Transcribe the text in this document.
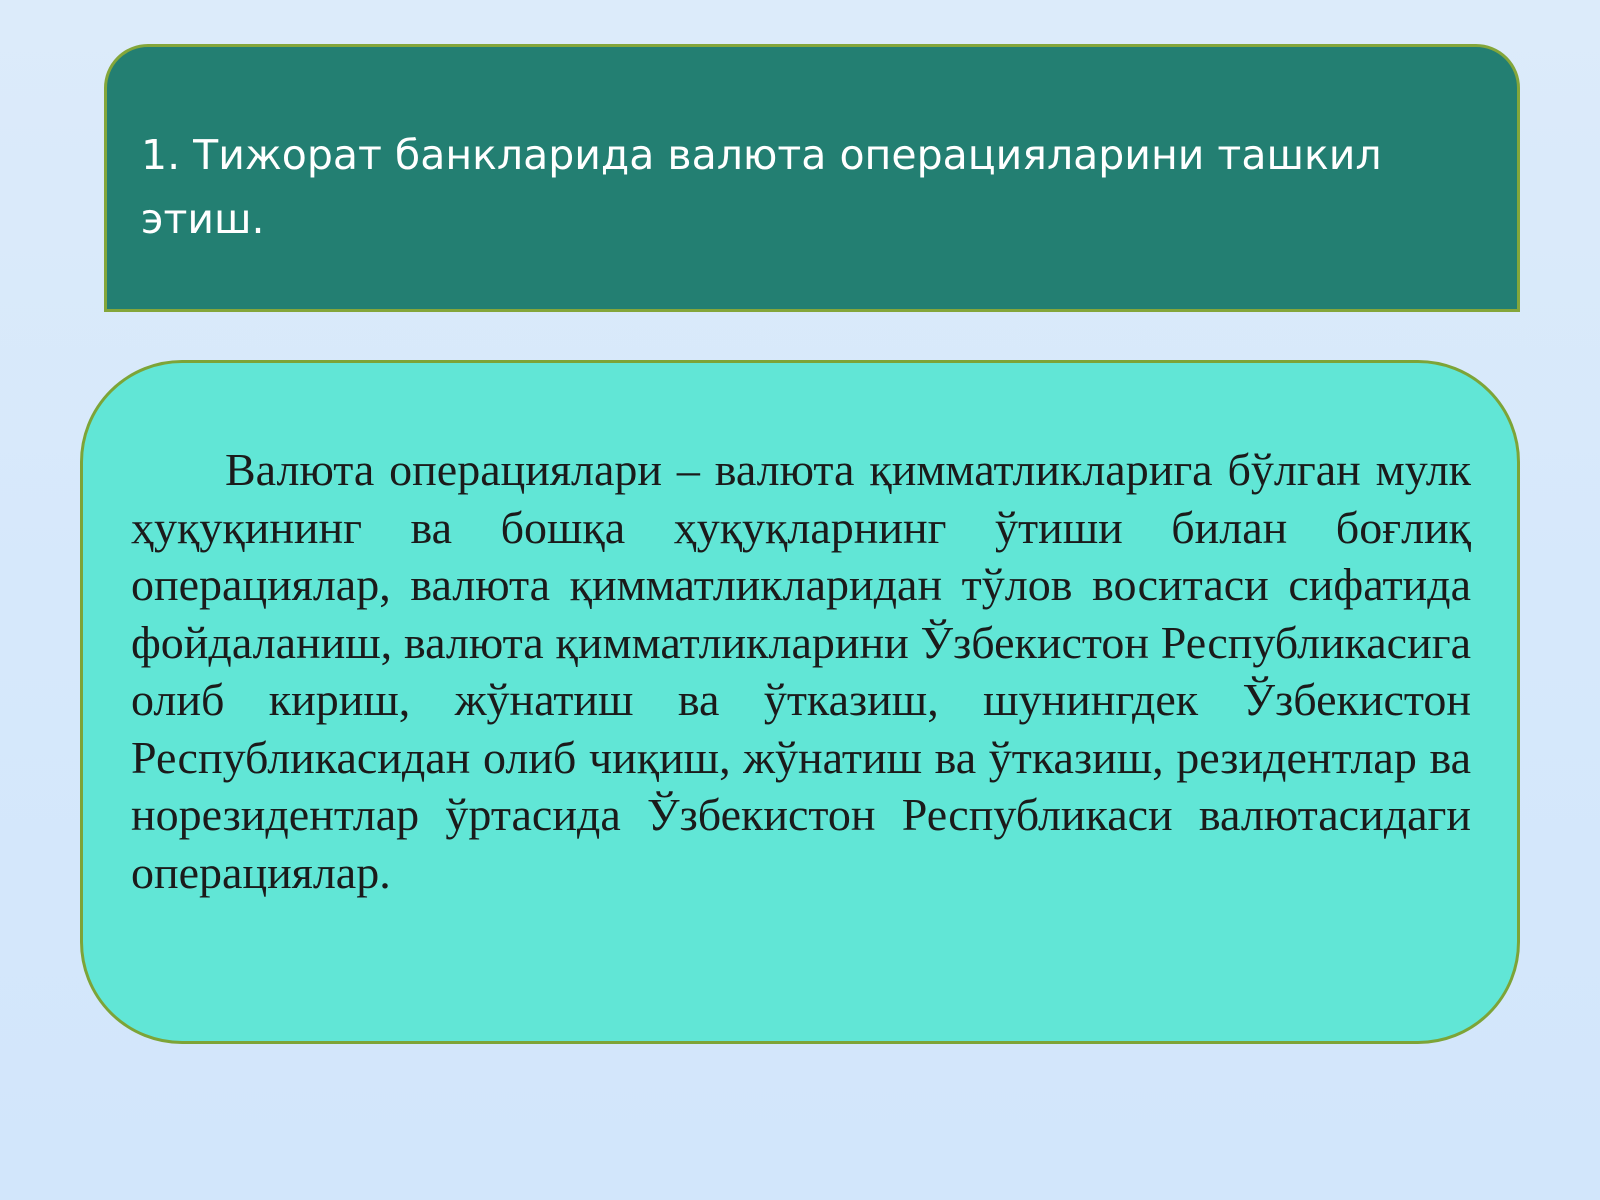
1. Тижорат банкларида валюта операцияларини ташкил этиш.

Валюта операциялари – валюта қимматликларига бўлган мулк ҳуқуқининг ва бошқа ҳуқуқларнинг ўтиши билан боғлиқ операциялар, валюта қимматликларидан тўлов воситаси сифатида фойдаланиш, валюта қимматликларини Ўзбекистон Республикасига олиб кириш, жўнатиш ва ўтказиш, шунингдек Ўзбекистон Республикасидан олиб чиқиш, жўнатиш ва ўтказиш, резидентлар ва норезидентлар ўртасида Ўзбекистон Республикаси валютасидаги операциялар.
